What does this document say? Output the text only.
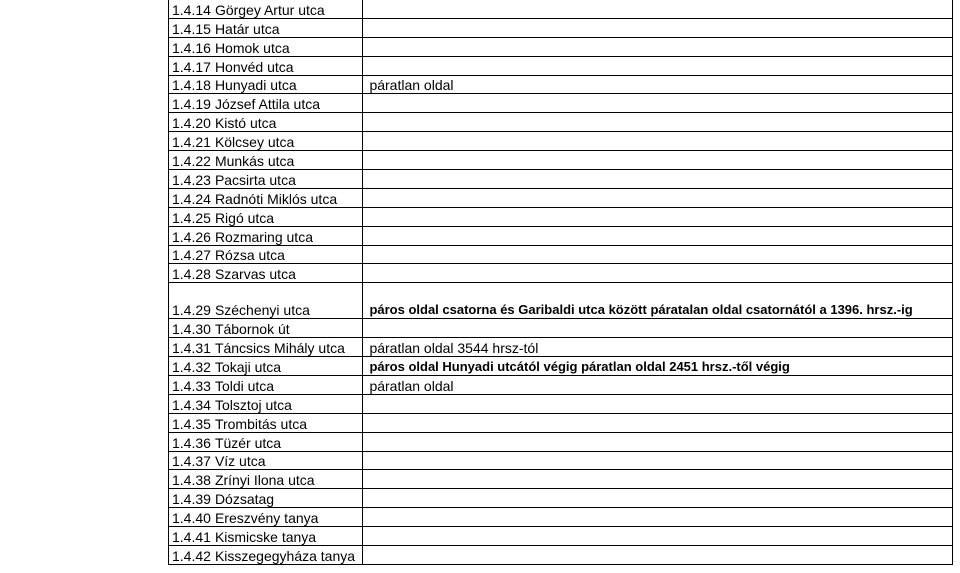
1.4.14	Görgey Artur utca	
1.4.15	Határ utca	
1.4.16	Homok utca	
1.4.17	Honvéd utca	
1.4.18	Hunyadi utca	páratlan oldal
1.4.19	József Attila utca	
1.4.20	Kistó utca	
1.4.21	Kölcsey utca	
1.4.22	Munkás utca	
1.4.23	Pacsirta utca	
1.4.24	Radnóti Miklós utca	
1.4.25	Rigó utca	
1.4.26	Rozmaring utca	
1.4.27	Rózsa utca	
1.4.28	Szarvas utca	
1.4.29	Széchenyi utca	páros oldal csatorna és Garibaldi utca között páratalan oldal csatornától a 1396. hrsz.-ig
1.4.30	Tábornok út	
1.4.31	Táncsics Mihály utca	páratlan oldal 3544 hrsz-tól
1.4.32	Tokaji utca	páros oldal Hunyadi utcától végig páratlan oldal 2451 hrsz.-től végig
1.4.33	Toldi utca	páratlan oldal
1.4.34	Tolsztoj utca	
1.4.35	Trombitás utca	
1.4.36	Tüzér utca	
1.4.37	Víz utca	
1.4.38	Zrínyi Ilona utca	
1.4.39	Dózsatag	
1.4.40	Ereszvény tanya	
1.4.41	Kismicske tanya	
1.4.42	Kisszegegyháza tanya	
